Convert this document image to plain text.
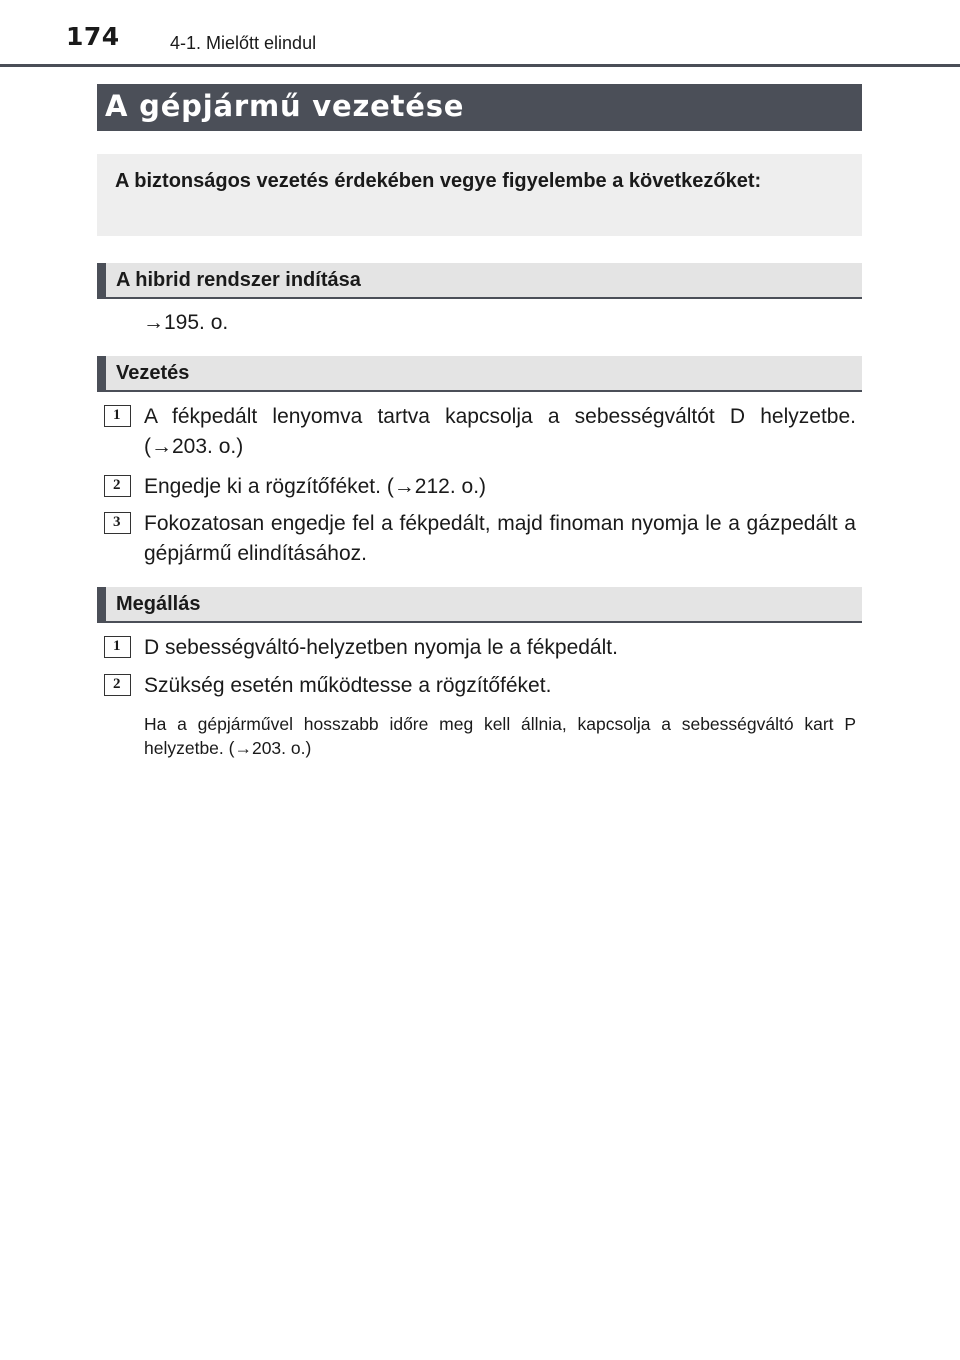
174	4-1. Mielőtt elindul
A gépjármű vezetése
A biztonságos vezetés érdekében vegye figyelembe a következőket:
A hibrid rendszer indítása
→195. o.
Vezetés
1	A fékpedált lenyomva tartva kapcsolja a sebességváltót D helyzetbe. (→203. o.)
2	Engedje ki a rögzítőféket. (→212. o.)
3	Fokozatosan engedje fel a fékpedált, majd finoman nyomja le a gázpedált a gépjármű elindításához.
Megállás
1	D sebességváltó-helyzetben nyomja le a fékpedált.
2	Szükség esetén működtesse a rögzítőféket.
Ha a gépjárművel hosszabb időre meg kell állnia, kapcsolja a sebességváltó kart P helyzetbe. (→203. o.)
